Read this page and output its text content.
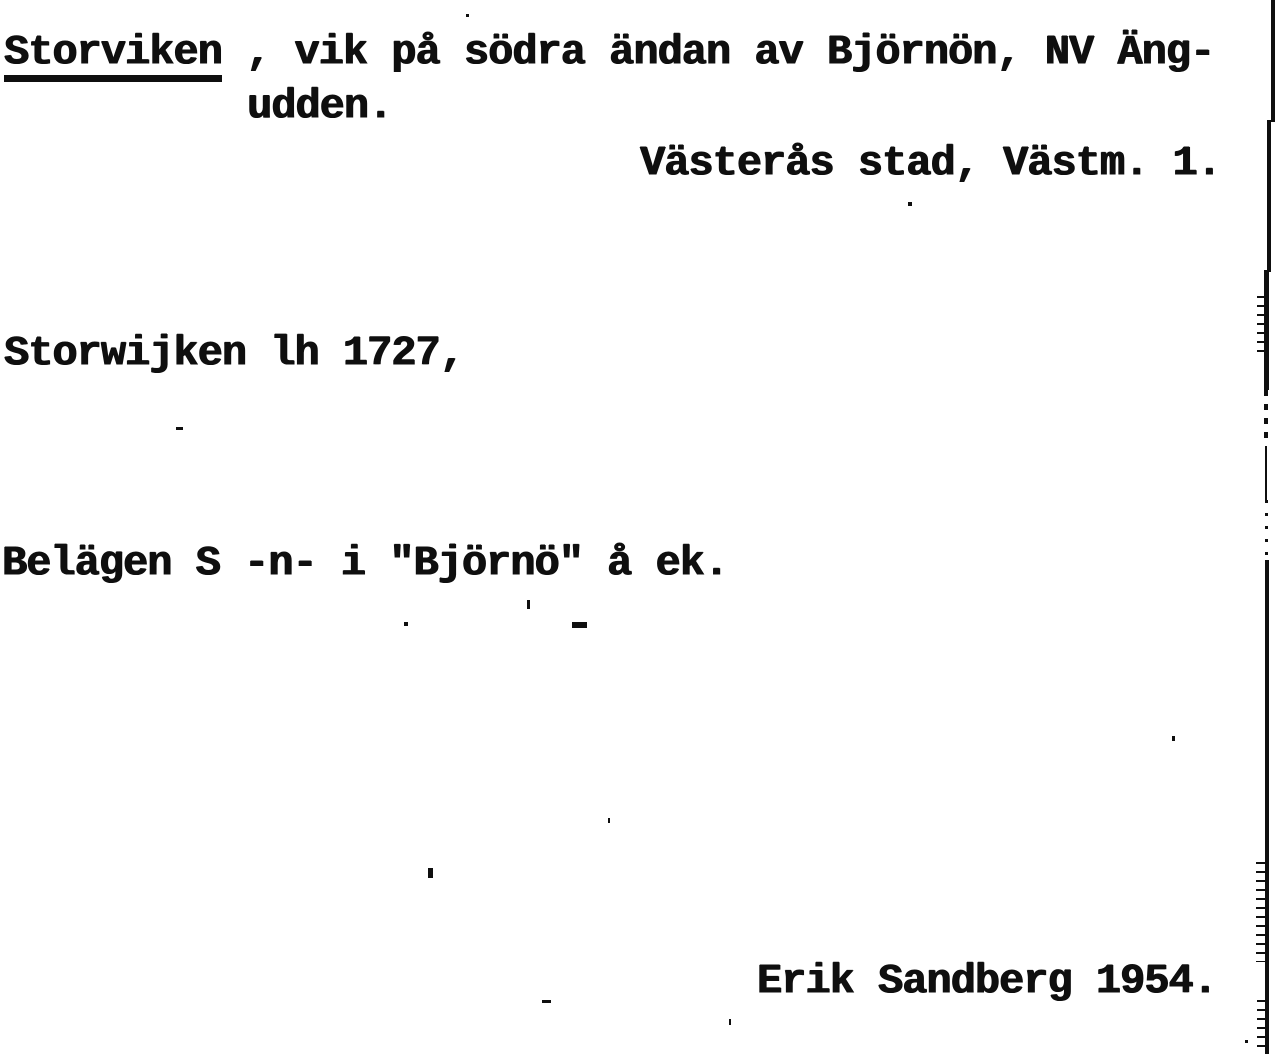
Storviken , vik på södra ändan av Björnön, NV Äng-
udden.
Västerås stad, Västm. 1.
Storwijken lh 1727,
Belägen S -n- i "Björnö" å ek.
Erik Sandberg 1954.
